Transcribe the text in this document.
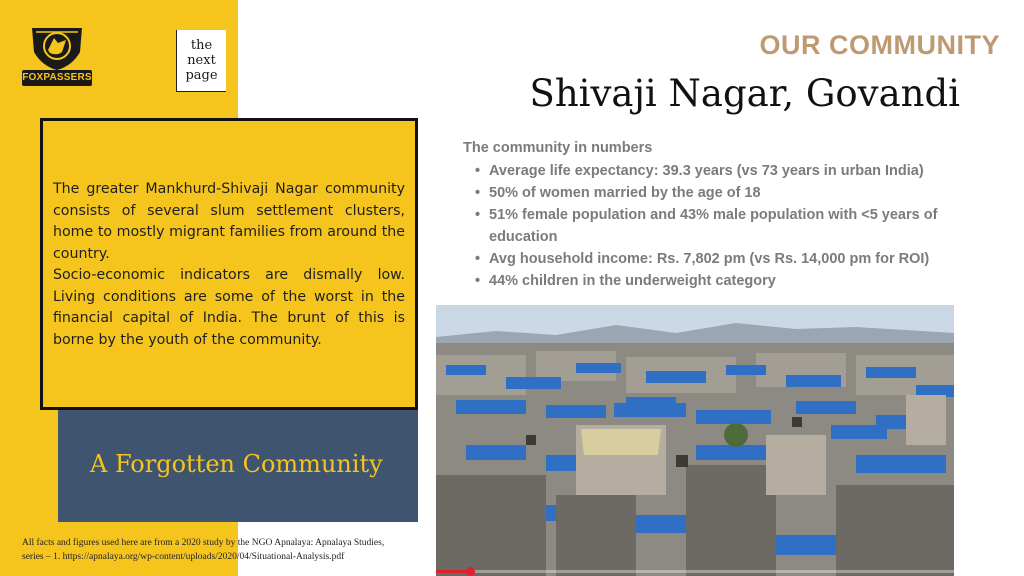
FOXPASSERS
the
next
page

The greater Mankhurd-Shivaji Nagar community consists of several slum settlement clusters, home to mostly migrant families from around the country.

Socio-economic indicators are dismally low. Living conditions are some of the worst in the financial capital of India. The brunt of this is borne by the youth of the community.

A Forgotten Community
All facts and figures used here are from a 2020 study by the NGO Apnalaya: Apnalaya Studies, series – 1. https://apnalaya.org/wp-content/uploads/2020/04/Situational-Analysis.pdf
OUR COMMUNITY
Shivaji Nagar, Govandi
The community in numbers
• Average life expectancy: 39.3 years (vs 73 years in urban India)
• 50% of women married by the age of 18
• 51% female population and 43% male population with <5 years of education
• Avg household income: Rs. 7,802 pm (vs Rs. 14,000 pm for ROI)
• 44% children in the underweight category
